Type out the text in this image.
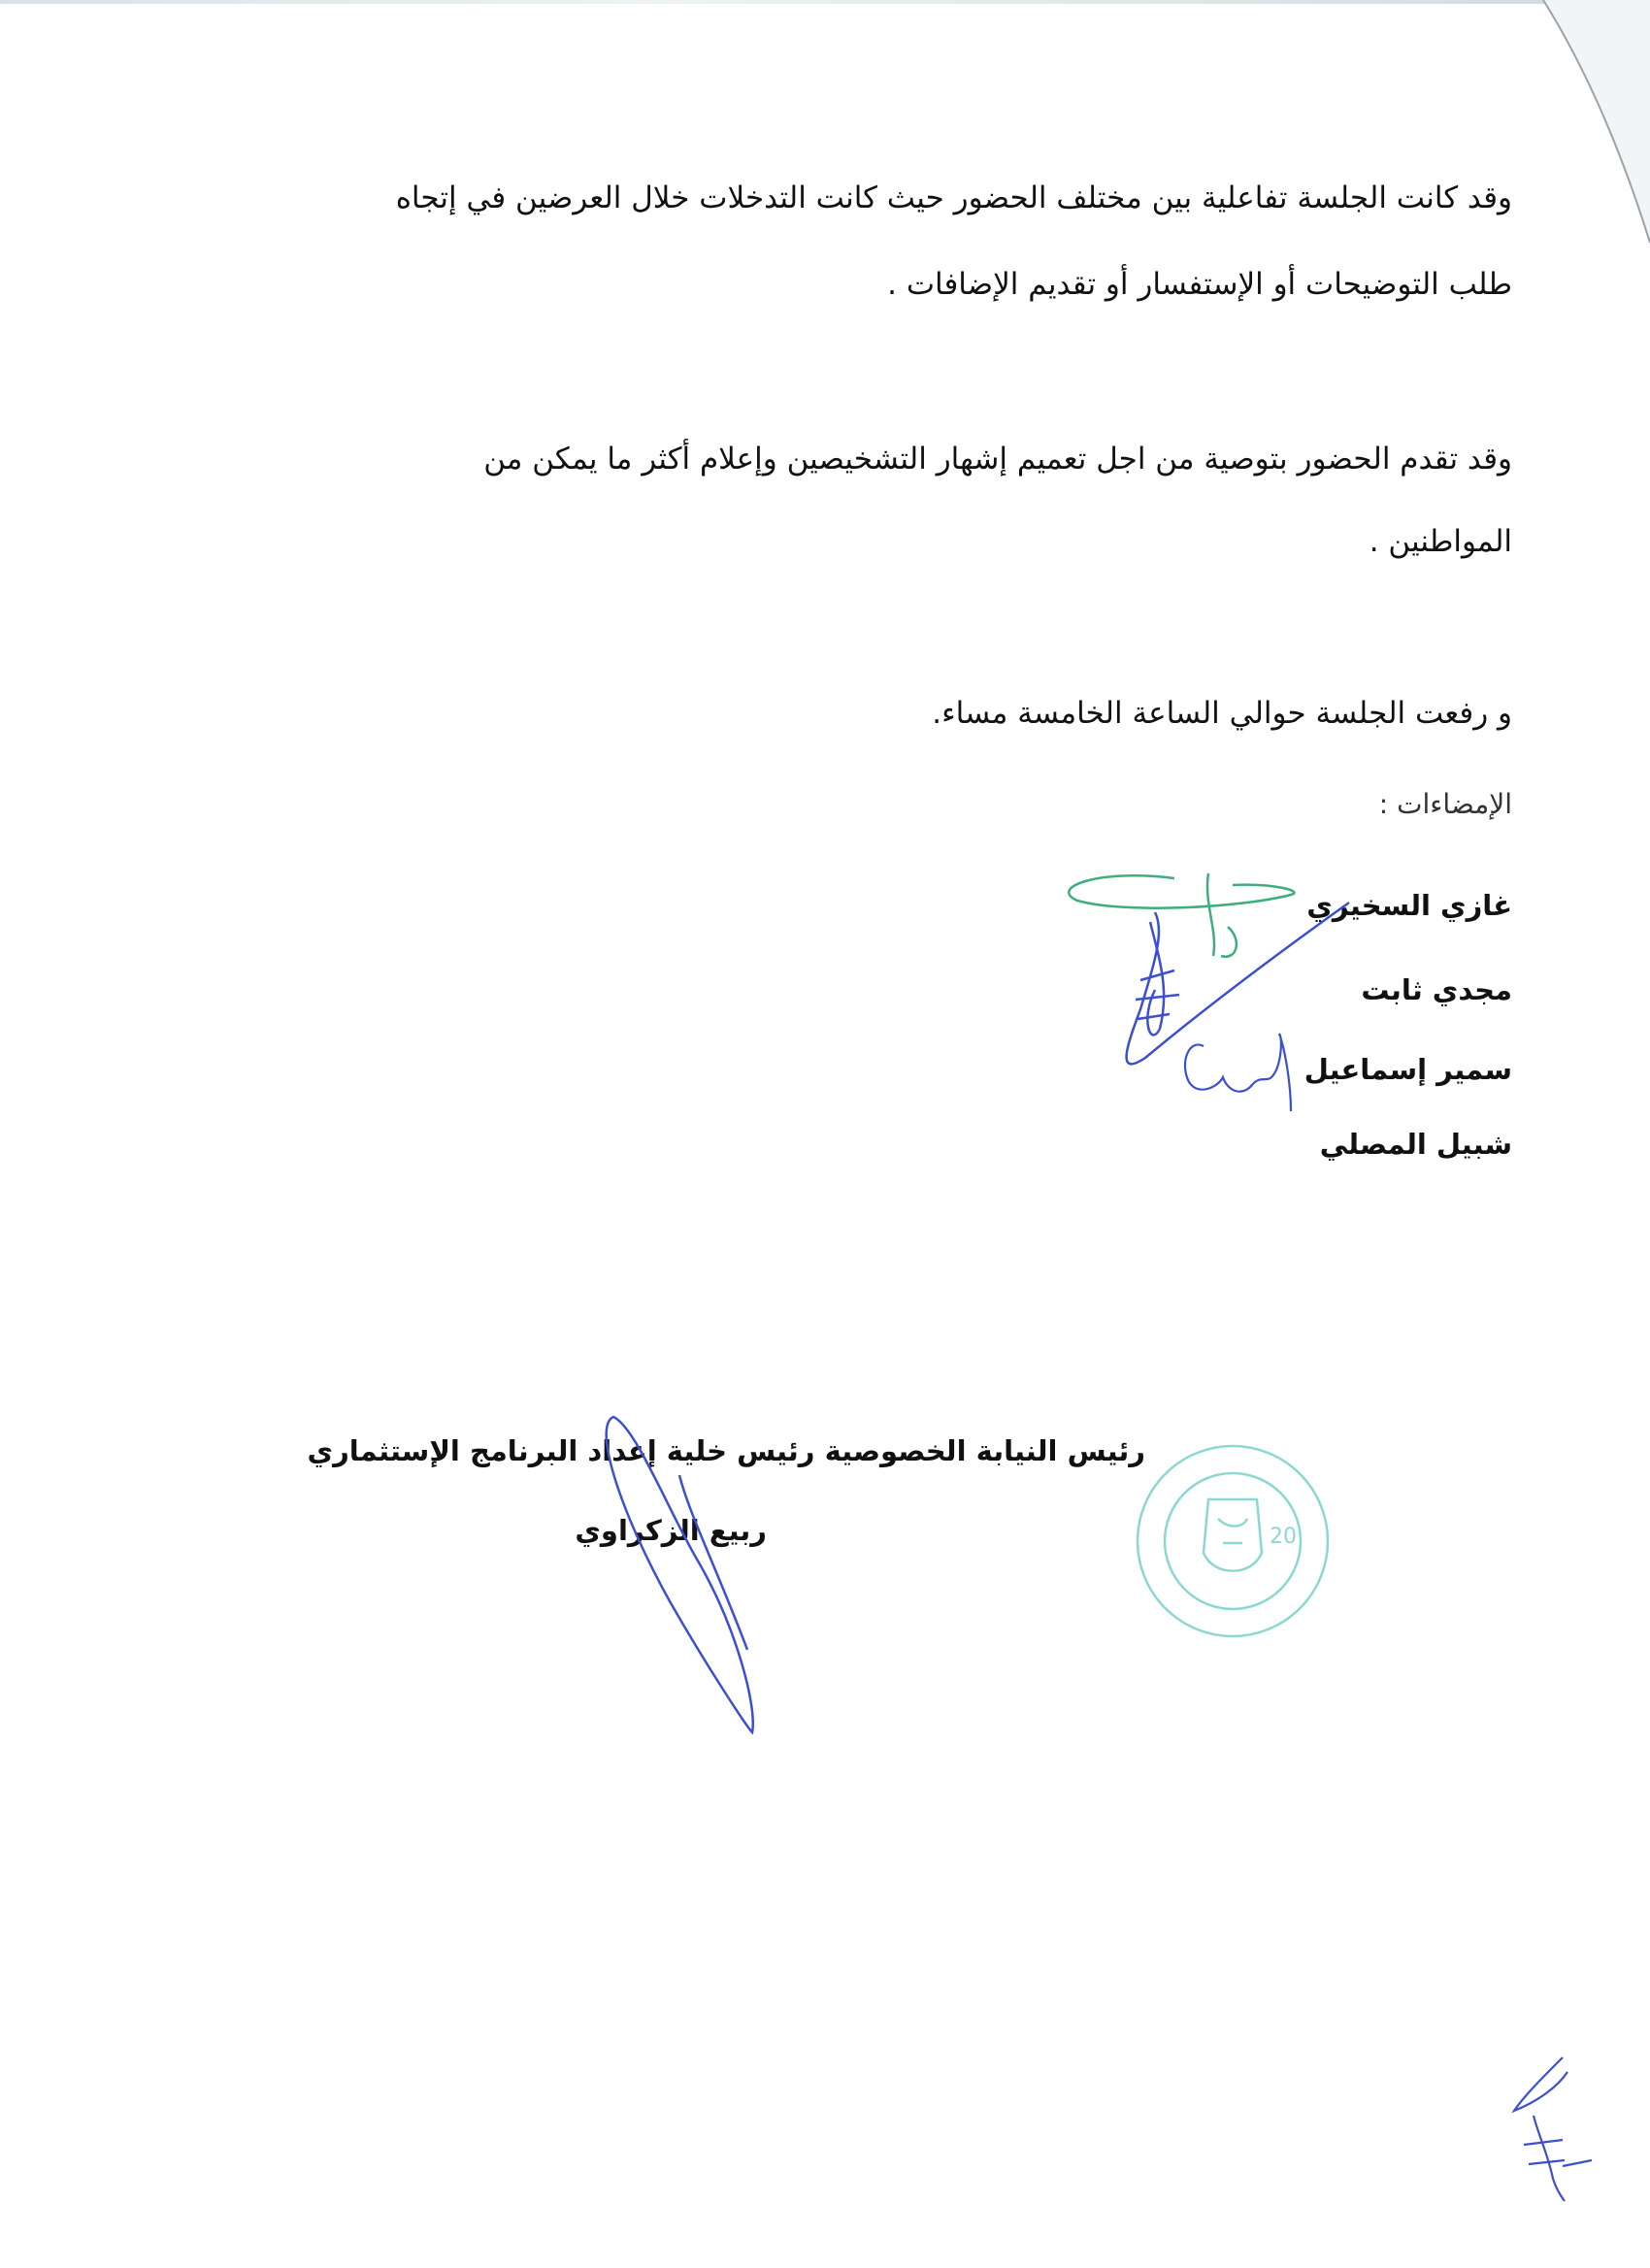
وقد كانت الجلسة تفاعلية بين مختلف الحضور حيث كانت التدخلات خلال العرضين في إتجاه
طلب التوضيحات أو الإستفسار أو تقديم الإضافات .
وقد تقدم الحضور بتوصية من اجل تعميم إشهار التشخيصين وإعلام أكثر ما يمكن من
المواطنين .
و رفعت الجلسة حوالي الساعة الخامسة مساء.
الإمضاءات :
غازي السخيري
مجدي ثابت
سمير إسماعيل
شبيل المصلي
رئيس النيابة الخصوصية رئيس خلية إعداد البرنامج الإستثماري
ربيع الزكراوي	20
